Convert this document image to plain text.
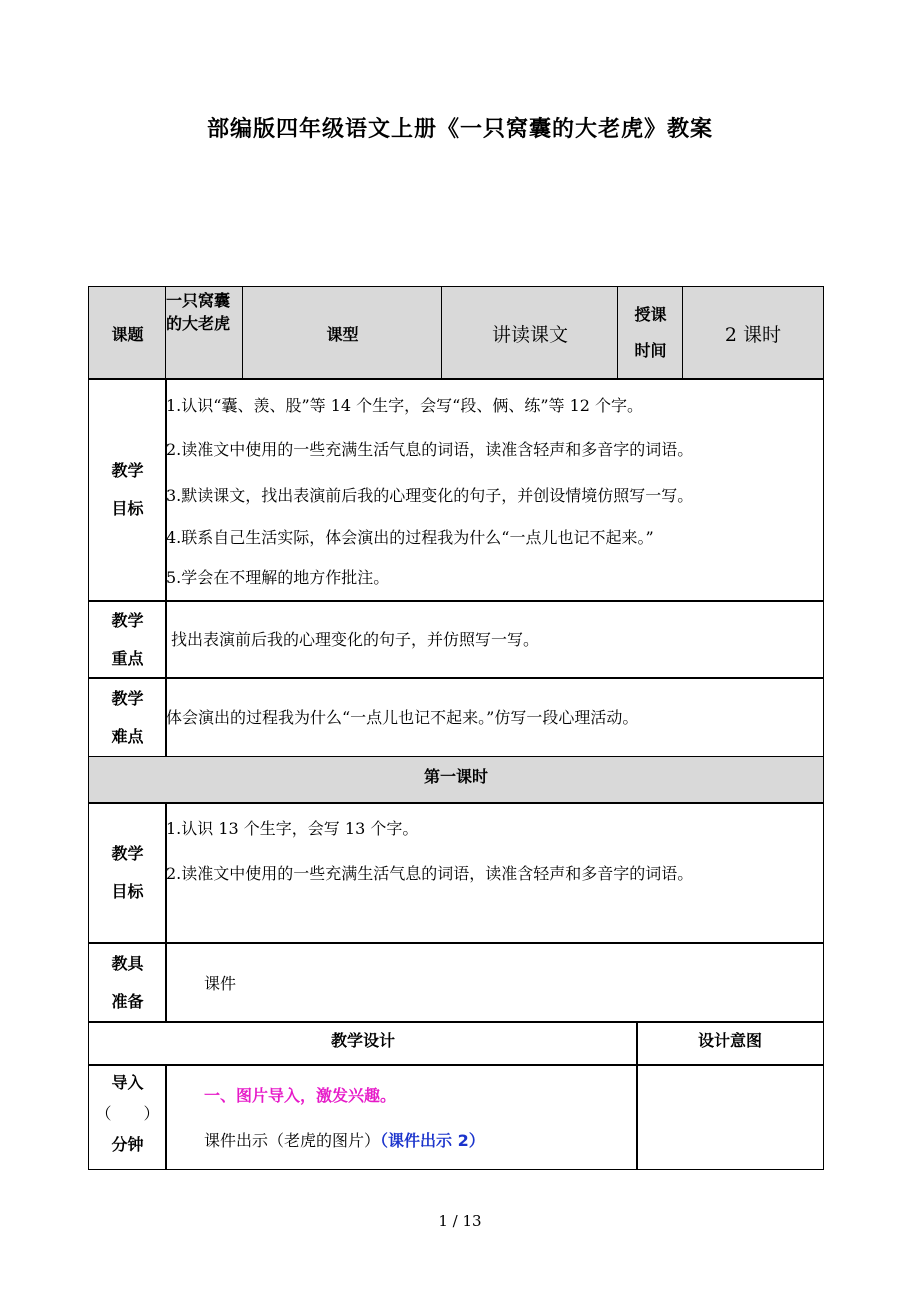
部编版四年级语文上册《一只窝囊的大老虎》教案
课题
一只窝囊的大老虎
课型	讲读课文
授课
时间
2 课时
教学
目标
1.认识“囊、羡、股”等 14 个生字，会写“段、俩、练”等 12 个字。
2.读准文中使用的一些充满生活气息的词语，读准含轻声和多音字的词语。
3.默读课文，找出表演前后我的心理变化的句子，并创设情境仿照写一写。
4.联系自己生活实际，体会演出的过程我为什么“一点儿也记不起来。”
5.学会在不理解的地方作批注。
教学
重点
找出表演前后我的心理变化的句子，并仿照写一写。
教学
难点
体会演出的过程我为什么“一点儿也记不起来。”仿写一段心理活动。
第一课时
教学
目标
1.认识 13 个生字，会写 13 个字。
2.读准文中使用的一些充满生活气息的词语，读准含轻声和多音字的词语。
教具
准备
课件
教学设计	设计意图
导入
（　　）
分钟
一、图片导入，激发兴趣。
课件出示（老虎的图片）（课件出示 2）
1 / 13
